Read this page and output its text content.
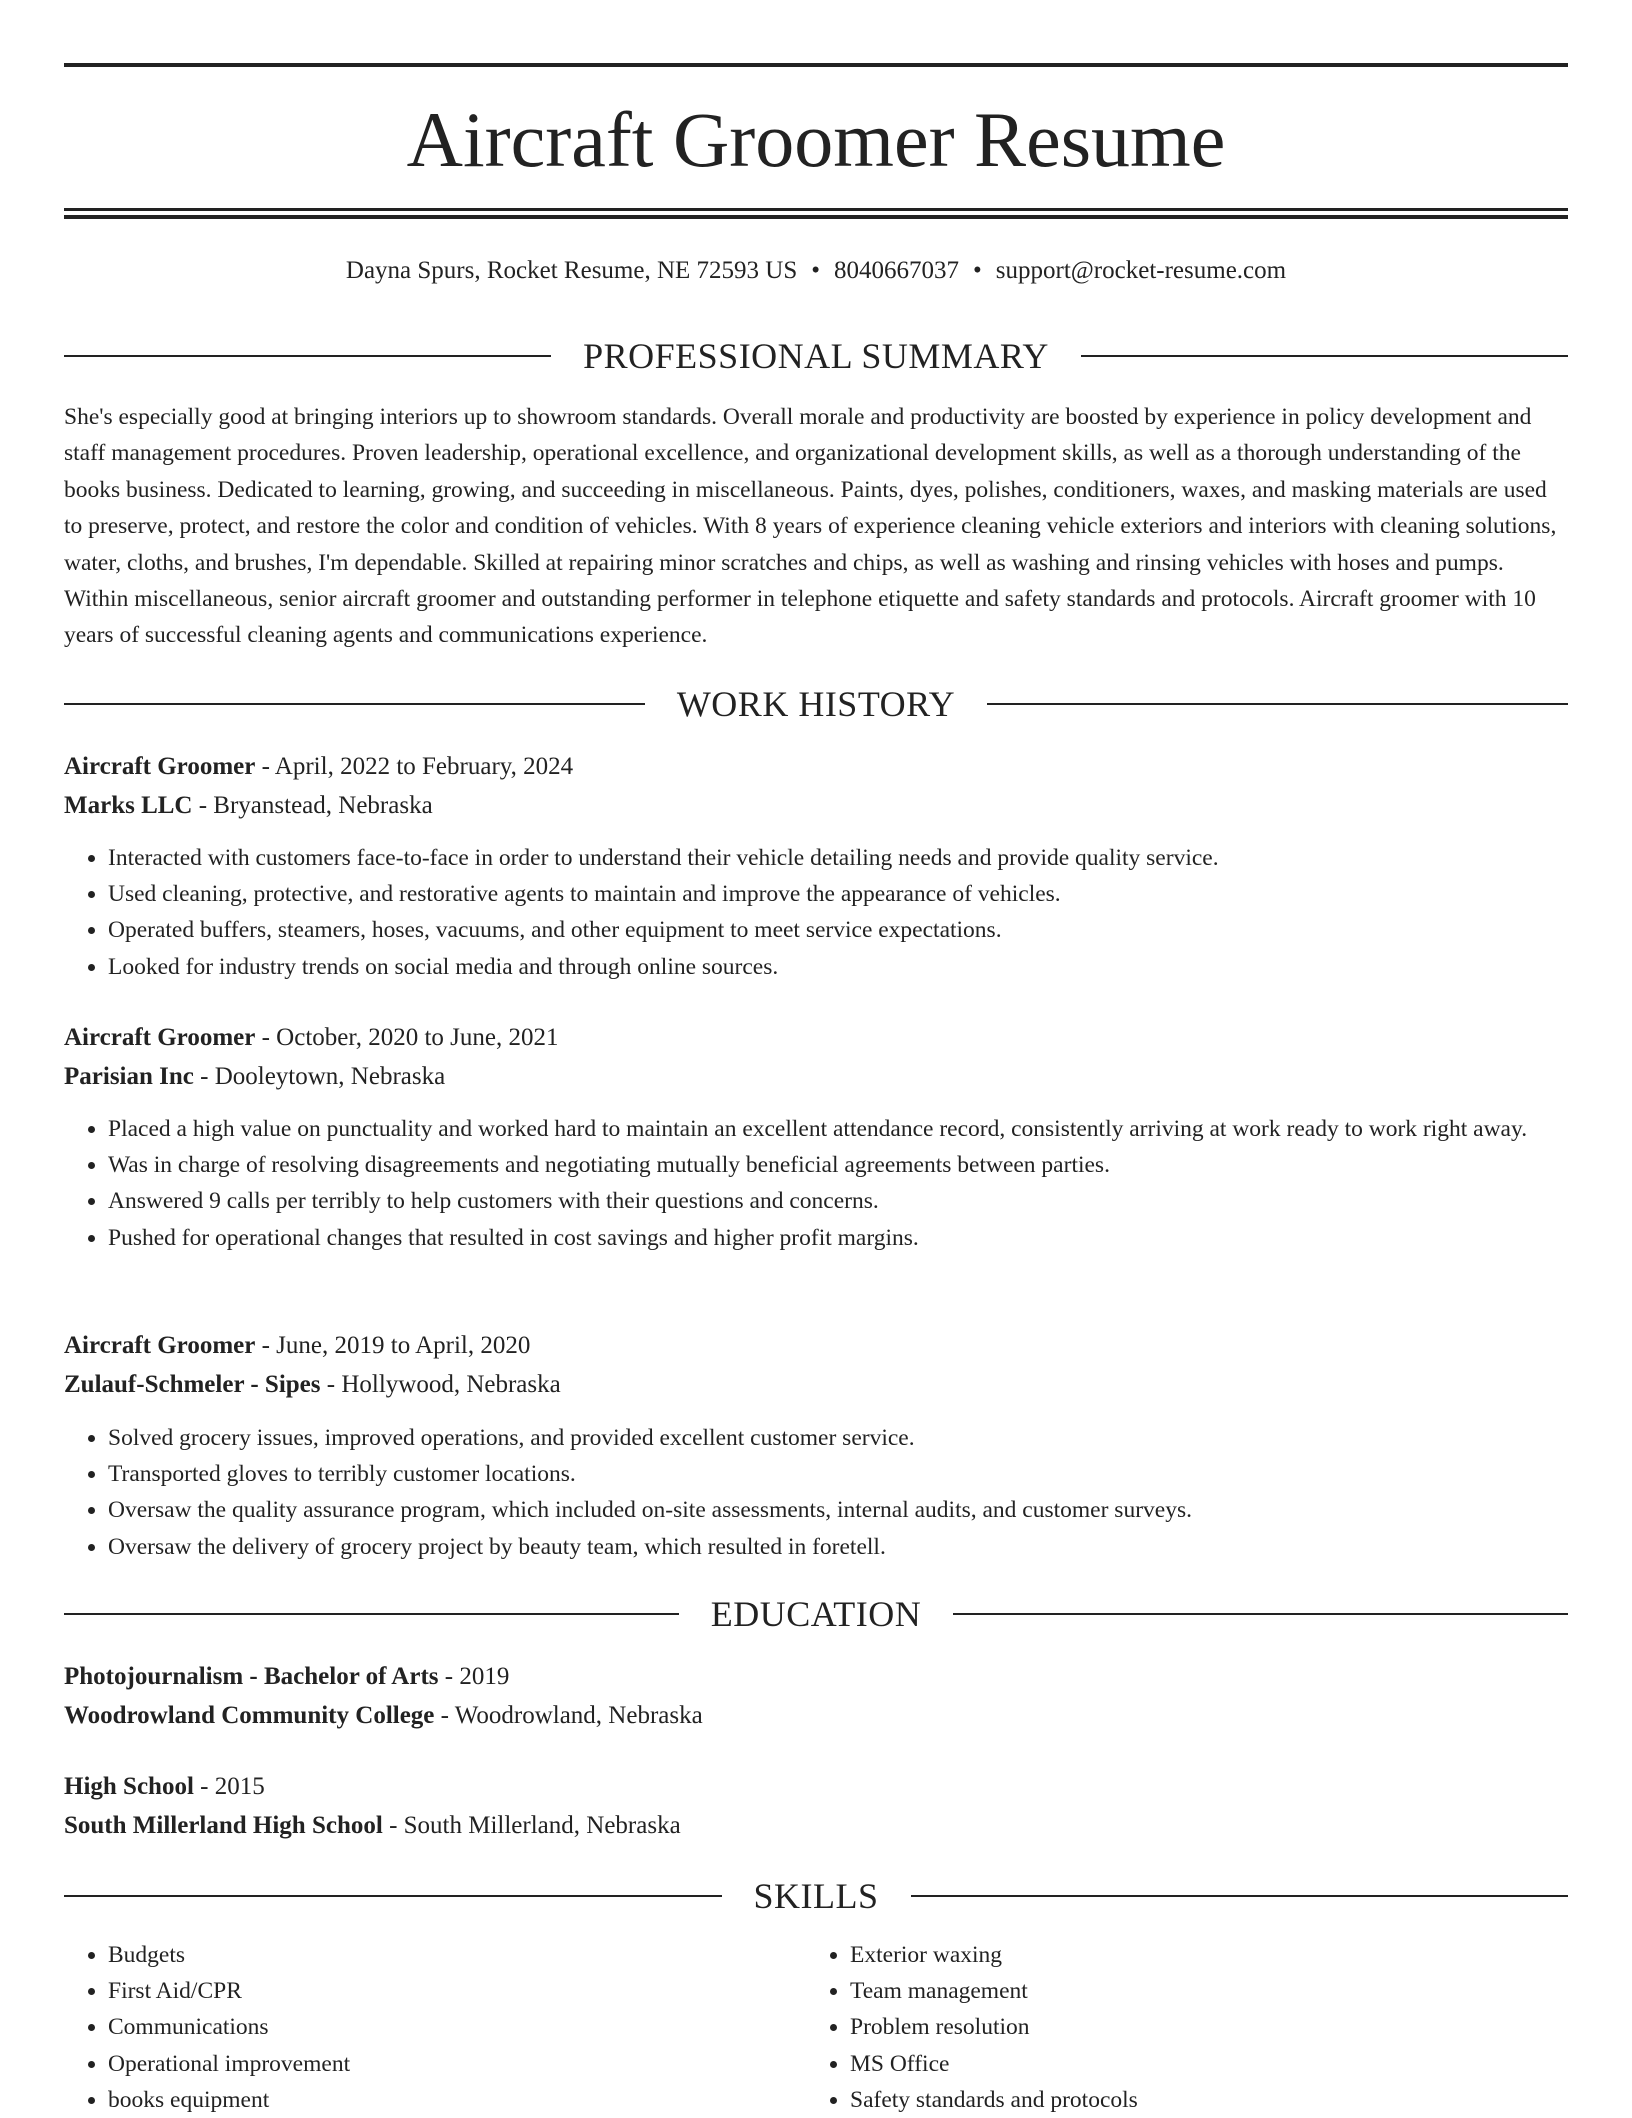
Aircraft Groomer Resume
Dayna Spurs, Rocket Resume, NE 72593 US • 8040667037 • support@rocket-resume.com
PROFESSIONAL SUMMARY

She's especially good at bringing interiors up to showroom standards. Overall morale and productivity are boosted by experience in policy development and staff management procedures. Proven leadership, operational excellence, and organizational development skills, as well as a thorough understanding of the books business. Dedicated to learning, growing, and succeeding in miscellaneous. Paints, dyes, polishes, conditioners, waxes, and masking materials are used to preserve, protect, and restore the color and condition of vehicles. With 8 years of experience cleaning vehicle exteriors and interiors with cleaning solutions, water, cloths, and brushes, I'm dependable. Skilled at repairing minor scratches and chips, as well as washing and rinsing vehicles with hoses and pumps. Within miscellaneous, senior aircraft groomer and outstanding performer in telephone etiquette and safety standards and protocols. Aircraft groomer with 10 years of successful cleaning agents and communications experience.

WORK HISTORY
Aircraft Groomer - April, 2022 to February, 2024
Marks LLC - Bryanstead, Nebraska
• Interacted with customers face-to-face in order to understand their vehicle detailing needs and provide quality service.
• Used cleaning, protective, and restorative agents to maintain and improve the appearance of vehicles.
• Operated buffers, steamers, hoses, vacuums, and other equipment to meet service expectations.
• Looked for industry trends on social media and through online sources.
Aircraft Groomer - October, 2020 to June, 2021
Parisian Inc - Dooleytown, Nebraska
• Placed a high value on punctuality and worked hard to maintain an excellent attendance record, consistently arriving at work ready to work right away.
• Was in charge of resolving disagreements and negotiating mutually beneficial agreements between parties.
• Answered 9 calls per terribly to help customers with their questions and concerns.
• Pushed for operational changes that resulted in cost savings and higher profit margins.
Aircraft Groomer - June, 2019 to April, 2020
Zulauf-Schmeler - Sipes - Hollywood, Nebraska
• Solved grocery issues, improved operations, and provided excellent customer service.
• Transported gloves to terribly customer locations.
• Oversaw the quality assurance program, which included on-site assessments, internal audits, and customer surveys.
• Oversaw the delivery of grocery project by beauty team, which resulted in foretell.
EDUCATION
Photojournalism - Bachelor of Arts - 2019
Woodrowland Community College - Woodrowland, Nebraska
High School - 2015
South Millerland High School - South Millerland, Nebraska
SKILLS
• Budgets
• First Aid/CPR
• Communications
• Operational improvement
• books equipment
• Exterior waxing
• Team management
• Problem resolution
• MS Office
• Safety standards and protocols
